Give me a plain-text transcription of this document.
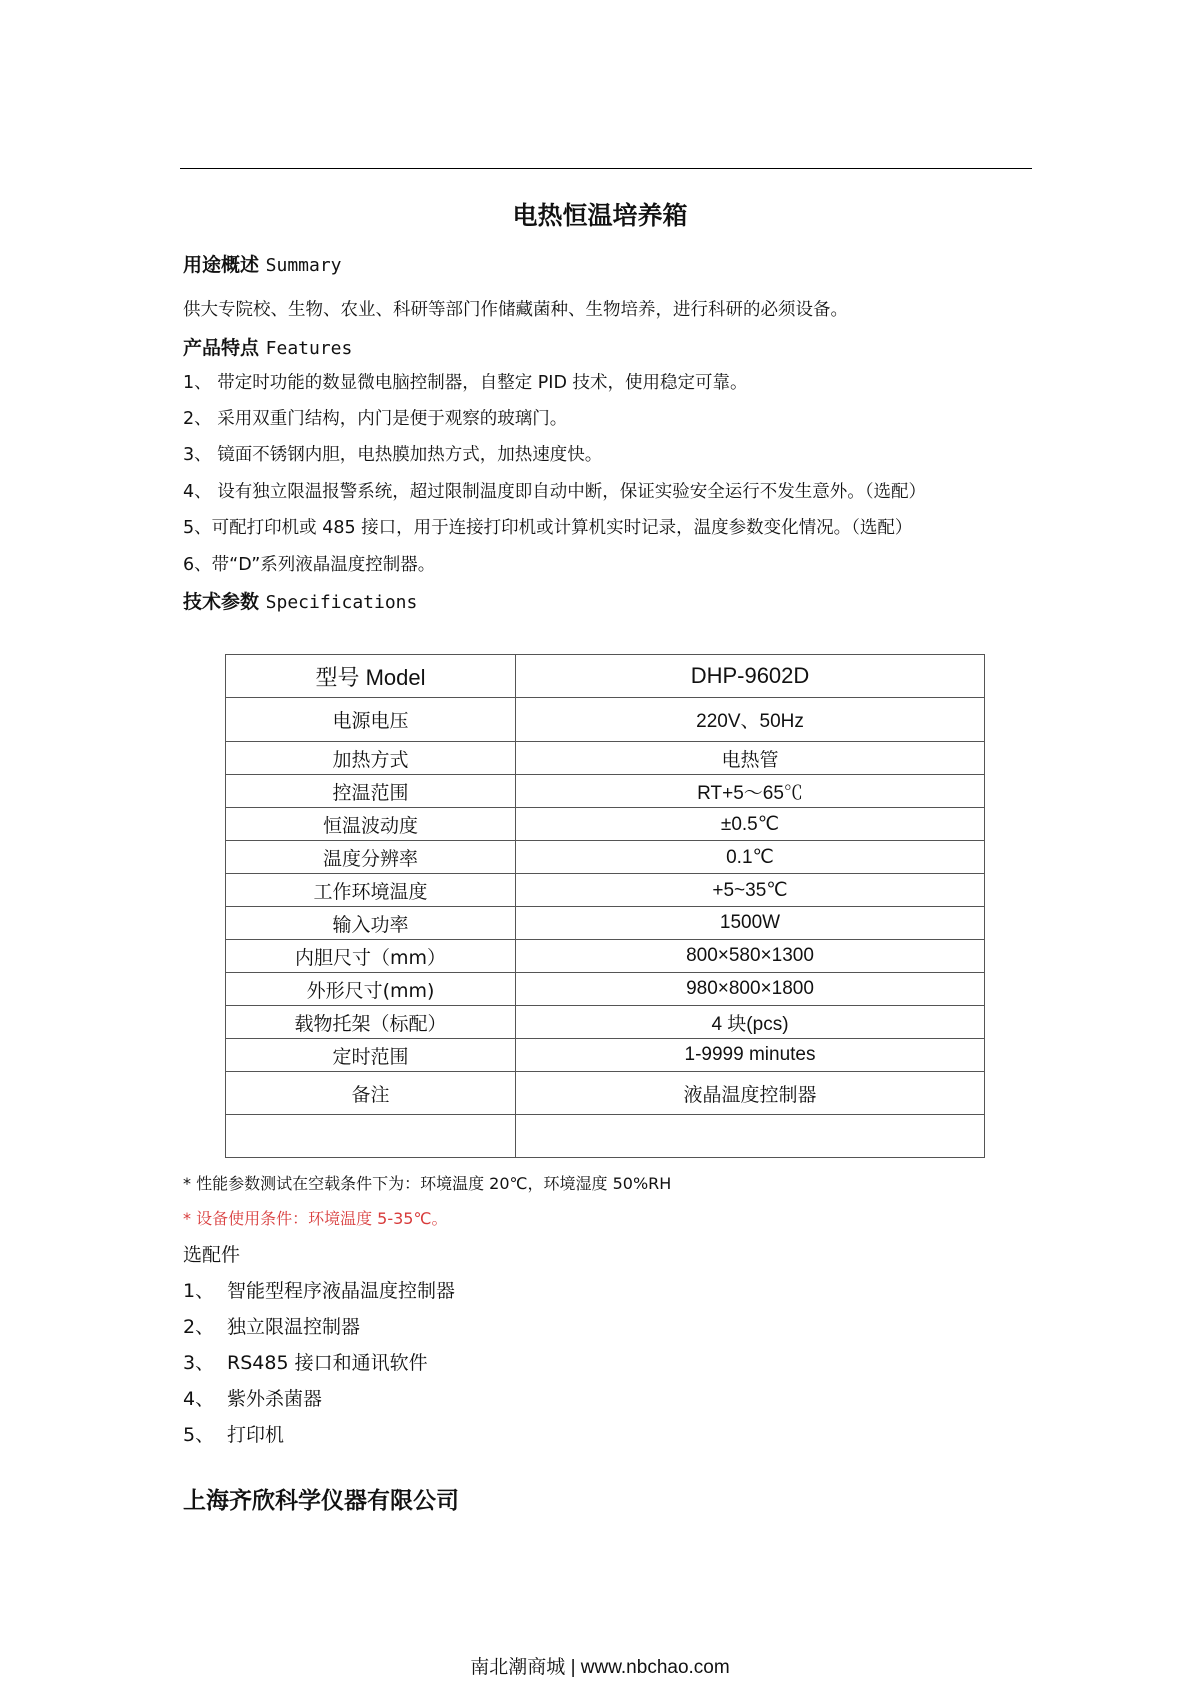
电热恒温培养箱
用途概述 Summary

供大专院校、生物、农业、科研等部门作储藏菌种、生物培养，进行科研的必须设备。

产品特点 Features

1、 带定时功能的数显微电脑控制器，自整定 PID 技术，使用稳定可靠。

2、 采用双重门结构，内门是便于观察的玻璃门。

3、 镜面不锈钢内胆，电热膜加热方式，加热速度快。

4、 设有独立限温报警系统，超过限制温度即自动中断，保证实验安全运行不发生意外。（选配）

5、可配打印机或 485 接口，用于连接打印机或计算机实时记录，温度参数变化情况。（选配）

6、带“D”系列液晶温度控制器。

技术参数 Specifications
型号 Model	DHP-9602D
电源电压	220V、50Hz
加热方式	电热管
控温范围	RT+5～65℃
恒温波动度	±0.5℃
温度分辨率	0.1℃
工作环境温度	+5~35℃
输入功率	1500W
内胆尺寸（mm）	800×580×1300
外形尺寸(mm)	980×800×1800
载物托架（标配）	4 块(pcs)
定时范围	1-9999 minutes
备注	液晶温度控制器

* 性能参数测试在空载条件下为：环境温度 20℃，环境湿度 50%RH

* 设备使用条件：环境温度 5-35℃。

选配件

1、 智能型程序液晶温度控制器

2、 独立限温控制器

3、 RS485 接口和通讯软件

4、 紫外杀菌器

5、 打印机

上海齐欣科学仪器有限公司

南北潮商城 | www.nbchao.com
